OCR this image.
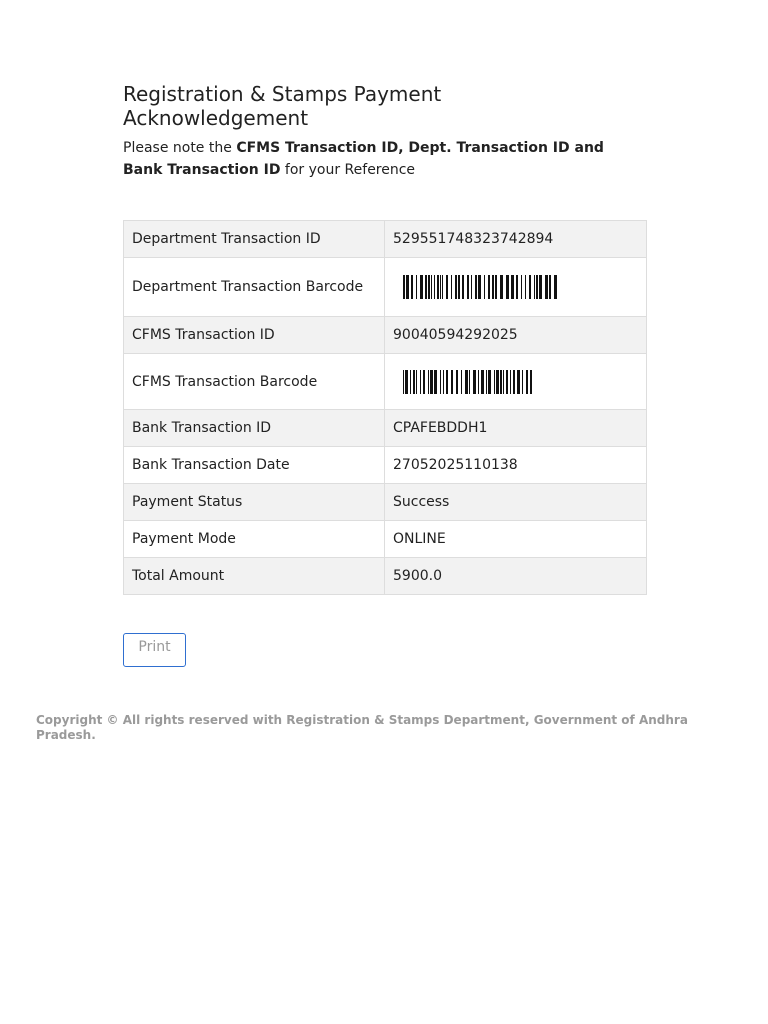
Registration & Stamps Payment Acknowledgement

Please note the CFMS Transaction ID, Dept. Transaction ID and Bank Transaction ID for your Reference

Department Transaction ID	529551748323742894
Department Transaction Barcode	

CFMS Transaction ID	90040594292025
CFMS Transaction Barcode	

Bank Transaction ID	CPAFEBDDH1
Bank Transaction Date	27052025110138
Payment Status	Success
Payment Mode	ONLINE
Total Amount	5900.0
Print

Copyright © All rights reserved with Registration & Stamps Department, Government of Andhra Pradesh.
